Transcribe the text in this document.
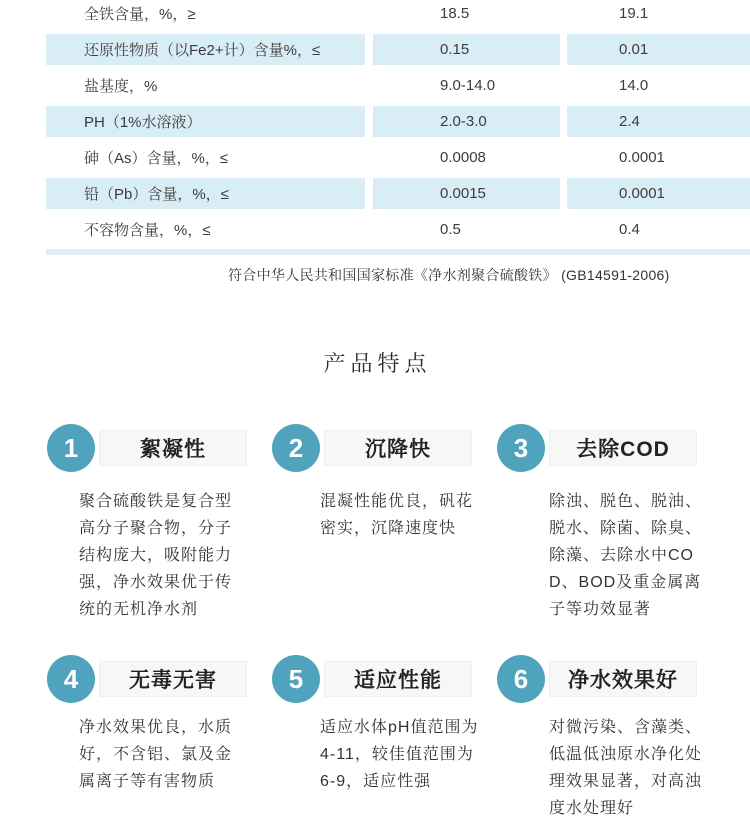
全铁含量，%，≥	18.5	19.1
还原性物质（以Fe2+计）含量%，≤	0.15	0.01
盐基度，%	9.0-14.0	14.0
PH（1%水溶液）	2.0-3.0	2.4
砷（As）含量，%，≤	0.0008	0.0001
铅（Pb）含量，%，≤	0.0015	0.0001
不容物含量，%，≤	0.5	0.4
符合中华人民共和国国家标准《净水剂聚合硫酸铁》 (GB14591-2006)
产品特点
絮凝性
1
聚合硫酸铁是复合型高分子聚合物，分子结构庞大，吸附能力强，净水效果优于传统的无机净水剂
沉降快
2
混凝性能优良，矾花密实，沉降速度快
去除COD
3
除浊、脱色、脱油、脱水、除菌、除臭、除藻、去除水中COD、BOD及重金属离子等功效显著
无毒无害
4
净水效果优良，水质好，不含铝、氯及金属离子等有害物质
适应性能
5
适应水体pH值范围为4-11，较佳值范围为6-9，适应性强
净水效果好
6
对微污染、含藻类、低温低浊原水净化处理效果显著，对高浊度水处理好
